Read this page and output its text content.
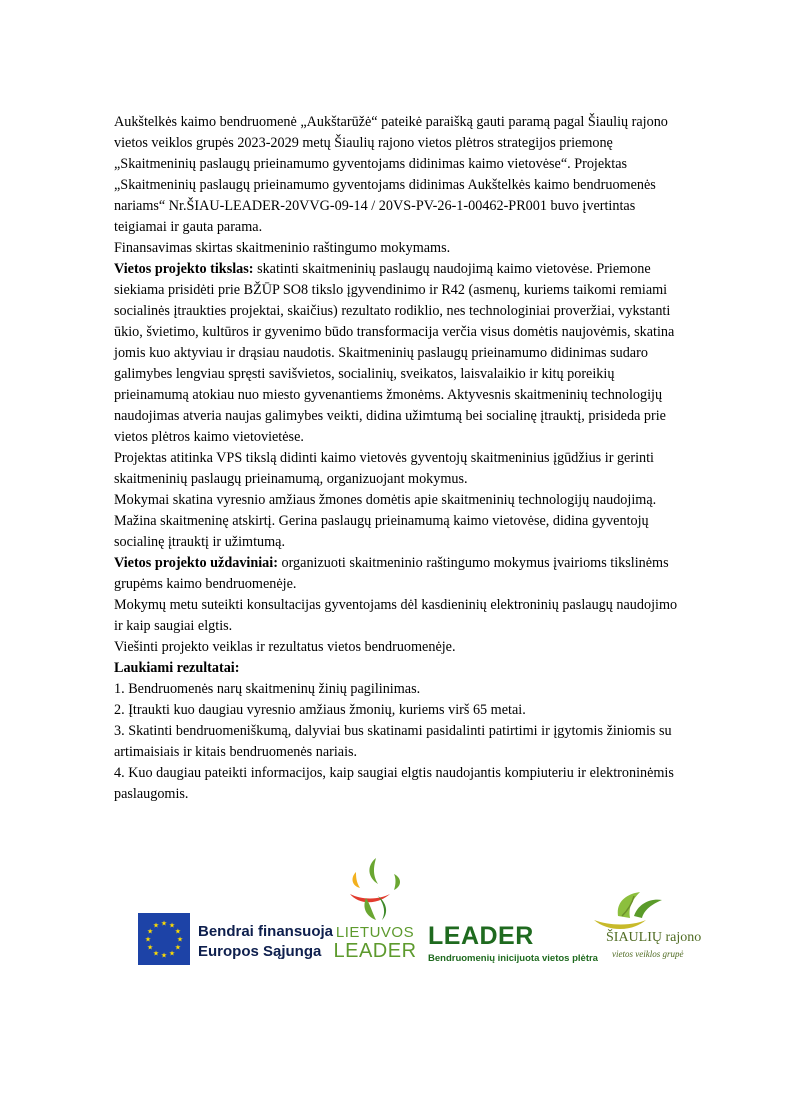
Aukštelkės kaimo bendruomenė „Aukštarūžė“ pateikė paraišką gauti paramą pagal Šiaulių rajono
vietos veiklos grupės 2023-2029 metų Šiaulių rajono vietos plėtros strategijos priemonę
„Skaitmeninių paslaugų prieinamumo gyventojams didinimas kaimo vietovėse“. Projektas
„Skaitmeninių paslaugų prieinamumo gyventojams didinimas Aukštelkės kaimo bendruomenės
nariams“ Nr.ŠIAU-LEADER-20VVG-09-14 / 20VS-PV-26-1-00462-PR001 buvo įvertintas
teigiamai ir gauta parama.

Finansavimas skirtas skaitmeninio raštingumo mokymams.

Vietos projekto tikslas: skatinti skaitmeninių paslaugų naudojimą kaimo vietovėse. Priemone
siekiama prisidėti prie BŽŪP SO8 tikslo įgyvendinimo ir R42 (asmenų, kuriems taikomi remiami
socialinės įtraukties projektai, skaičius) rezultato rodiklio, nes technologiniai proveržiai, vykstanti
ūkio, švietimo, kultūros ir gyvenimo būdo transformacija verčia visus domėtis naujovėmis, skatina
jomis kuo aktyviau ir drąsiau naudotis. Skaitmeninių paslaugų prieinamumo didinimas sudaro
galimybes lengviau spręsti savišvietos, socialinių, sveikatos, laisvalaikio ir kitų poreikių
prieinamumą atokiau nuo miesto gyvenantiems žmonėms. Aktyvesnis skaitmeninių technologijų
naudojimas atveria naujas galimybes veikti, didina užimtumą bei socialinę įtrauktį, prisideda prie
vietos plėtros kaimo vietovietėse.

Projektas atitinka VPS tikslą didinti kaimo vietovės gyventojų skaitmeninius įgūdžius ir gerinti
skaitmeninių paslaugų prieinamumą, organizuojant mokymus.

Mokymai skatina vyresnio amžiaus žmones domėtis apie skaitmeninių technologijų naudojimą.
Mažina skaitmeninę atskirtį. Gerina paslaugų prieinamumą kaimo vietovėse, didina gyventojų
socialinę įtrauktį ir užimtumą.

Vietos projekto uždaviniai: organizuoti skaitmeninio raštingumo mokymus įvairioms tikslinėms
grupėms kaimo bendruomenėje.

Mokymų metu suteikti konsultacijas gyventojams dėl kasdieninių elektroninių paslaugų naudojimo
ir kaip saugiai elgtis.

Viešinti projekto veiklas ir rezultatus vietos bendruomenėje.

Laukiami rezultatai:

1. Bendruomenės narų skaitmeninų žinių pagilinimas.

2. Įtraukti kuo daugiau vyresnio amžiaus žmonių, kuriems virš 65 metai.

3. Skatinti bendruomeniškumą, dalyviai bus skatinami pasidalinti patirtimi ir įgytomis žiniomis su
artimaisiais ir kitais bendruomenės nariais.

4. Kuo daugiau pateikti informacijos, kaip saugiai elgtis naudojantis kompiuteriu ir elektroninėmis
paslaugomis.

★ ★
★
★
★
★
★
★
★
★
★
★	Bendrai finansuoja
Europos Sąjunga
LIETUVOS
LEADER
LEADER
Bendruomenių inicijuota vietos plėtra
ŠIAULIŲ rajono
vietos veiklos grupė
